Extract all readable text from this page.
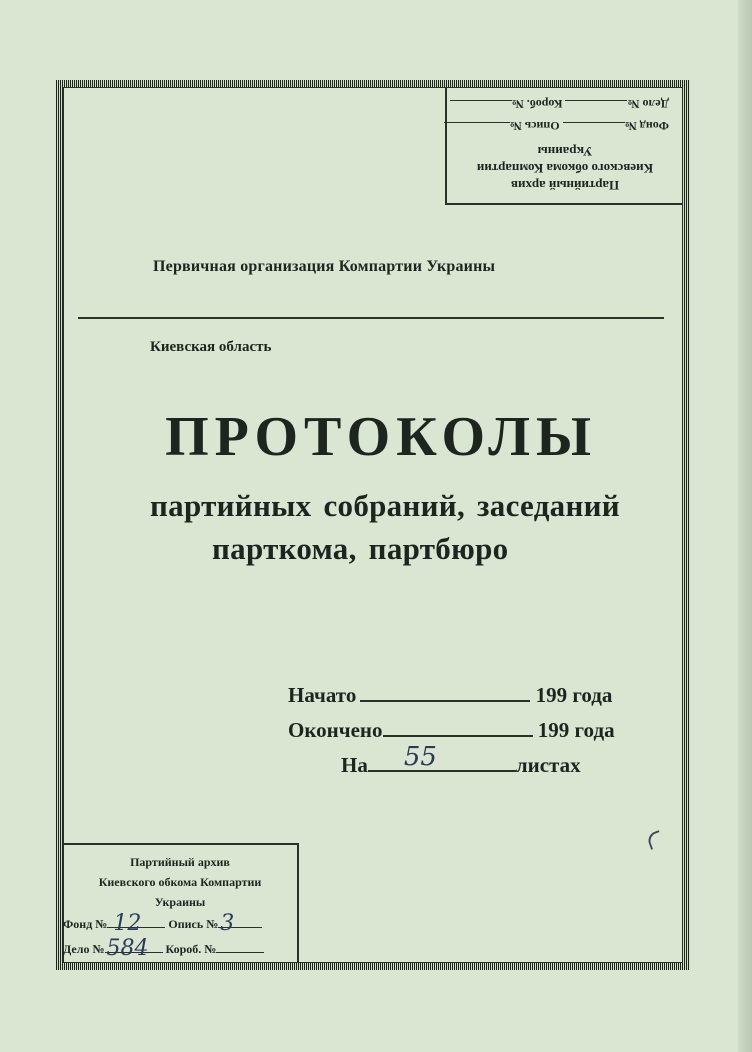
Партийный архив
Киевского обкома Компартии
Украины
Фонд № Опись №
Дело № Короб. №
Первичная организация Компартии Украины
Киевская область
ПРОТОКОЛЫ
партийных собраний, заседаний
парткома, партбюро
Начато	199 года
Окончено	199 года
На 55	листах
Партийный архив
Киевского обкома Компартии
Украины
Фонд № 12 Опись № 3
Дело № 584 Короб. №
